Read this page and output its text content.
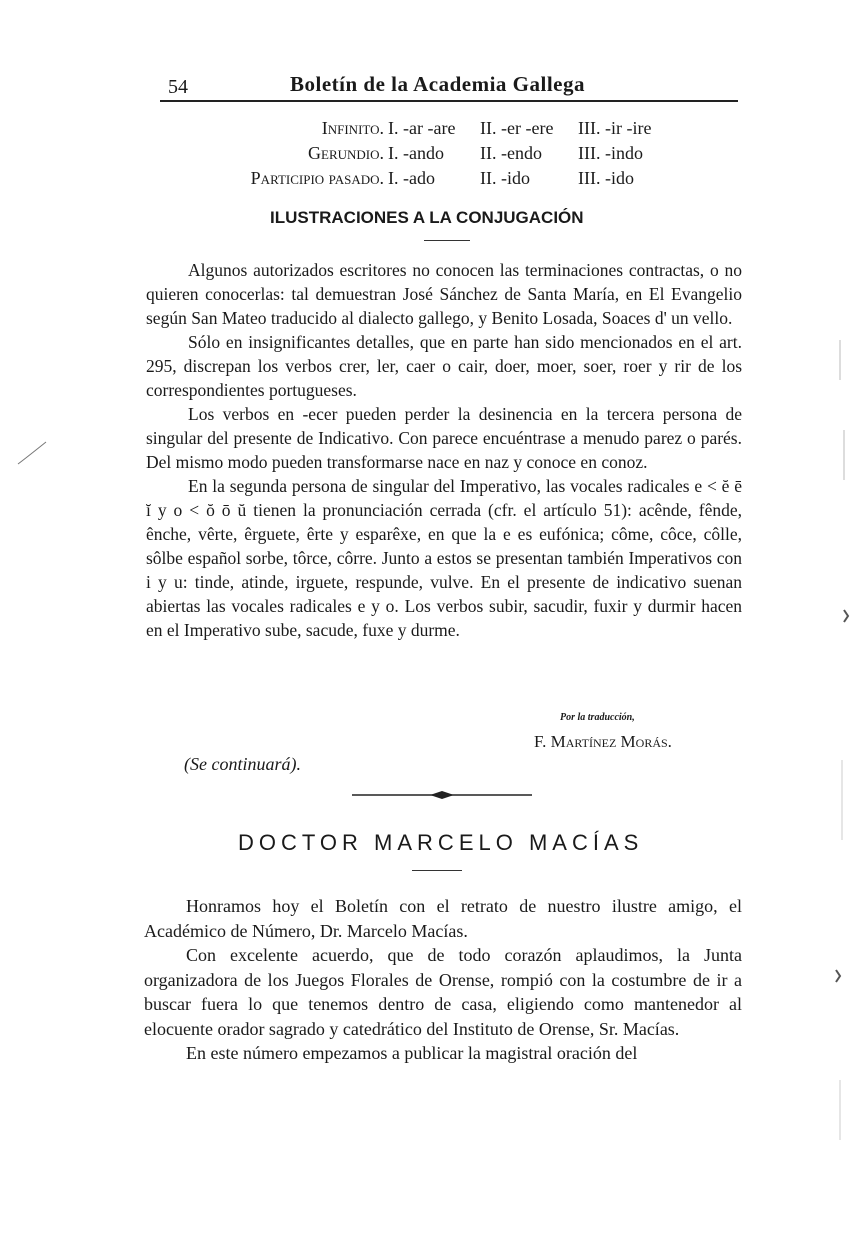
54	Boletín de la Academia Gallega
Infinito. I. -ar -are	II. -er -ere	III. -ir -ire
Gerundio. I. -ando	II. -endo	III. -indo
Participio pasado. I. -ado	II. -ido	III. -ido
ILUSTRACIONES A LA CONJUGACIÓN

Algunos autorizados escritores no conocen las terminaciones contractas, o no quieren conocerlas: tal demuestran José Sánchez de Santa María, en El Evangelio según San Mateo traducido al dialecto gallego, y Benito Losada, Soaces d' un vello.

Sólo en insignificantes detalles, que en parte han sido mencionados en el art. 295, discrepan los verbos crer, ler, caer o cair, doer, moer, soer, roer y rir de los correspondientes portugueses.

Los verbos en -ecer pueden perder la desinencia en la tercera persona de singular del presente de Indicativo. Con parece encuéntrase a menudo parez o parés. Del mismo modo pueden transformarse nace en naz y conoce en conoz.

En la segunda persona de singular del Imperativo, las vocales radicales e < ĕ ē ĭ y o < ŏ ō ŭ tienen la pronunciación cerrada (cfr. el artículo 51): acênde, fênde, ênche, vêrte, êrguete, êrte y esparêxe, en que la e es eufónica; côme, côce, côlle, sôlbe español sorbe, tôrce, côrre. Junto a estos se presentan también Imperativos con i y u: tinde, atinde, irguete, respunde, vulve. En el presente de indicativo suenan abiertas las vocales radicales e y o. Los verbos subir, sacudir, fuxir y durmir hacen en el Imperativo sube, sacude, fuxe y durme.

Por la traducción,
F. Martínez Morás.
(Se continuará).
DOCTOR MARCELO MACÍAS

Honramos hoy el Boletín con el retrato de nuestro ilustre amigo, el Académico de Número, Dr. Marcelo Macías.

Con excelente acuerdo, que de todo corazón aplaudimos, la Junta organizadora de los Juegos Florales de Orense, rompió con la costumbre de ir a buscar fuera lo que tenemos dentro de casa, eligiendo como mantenedor al elocuente orador sagrado y catedrático del Instituto de Orense, Sr. Macías.

En este número empezamos a publicar la magistral oración del
